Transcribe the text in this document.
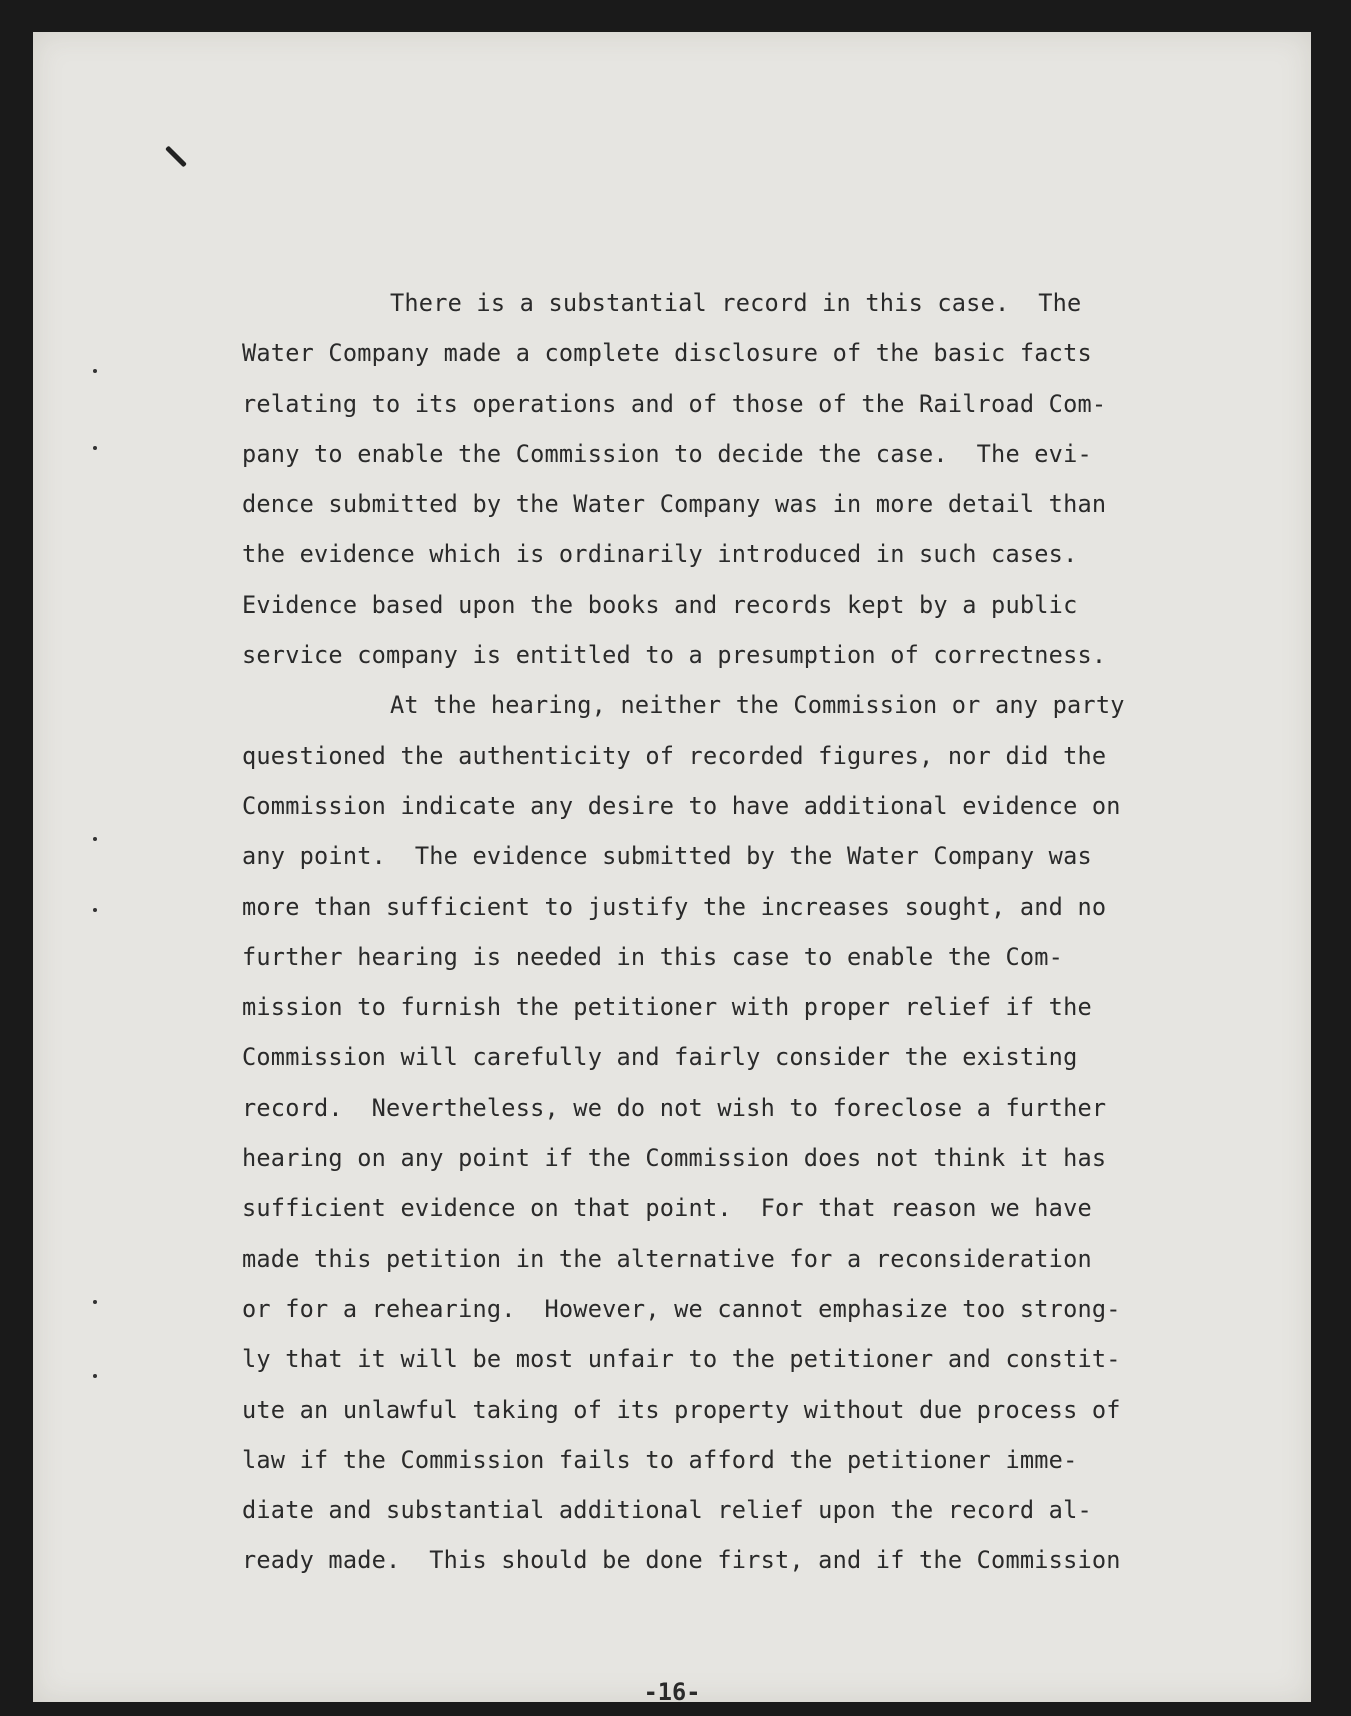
There is a substantial record in this case.  The
Water Company made a complete disclosure of the basic facts
relating to its operations and of those of the Railroad Com-
pany to enable the Commission to decide the case.  The evi-
dence submitted by the Water Company was in more detail than
the evidence which is ordinarily introduced in such cases.
Evidence based upon the books and records kept by a public
service company is entitled to a presumption of correctness.
At the hearing, neither the Commission or any party
questioned the authenticity of recorded figures, nor did the
Commission indicate any desire to have additional evidence on
any point.  The evidence submitted by the Water Company was
more than sufficient to justify the increases sought, and no
further hearing is needed in this case to enable the Com-
mission to furnish the petitioner with proper relief if the
Commission will carefully and fairly consider the existing
record.  Nevertheless, we do not wish to foreclose a further
hearing on any point if the Commission does not think it has
sufficient evidence on that point.  For that reason we have
made this petition in the alternative for a reconsideration
or for a rehearing.  However, we cannot emphasize too strong-
ly that it will be most unfair to the petitioner and constit-
ute an unlawful taking of its property without due process of
law if the Commission fails to afford the petitioner imme-
diate and substantial additional relief upon the record al-
ready made.  This should be done first, and if the Commission
-16-
